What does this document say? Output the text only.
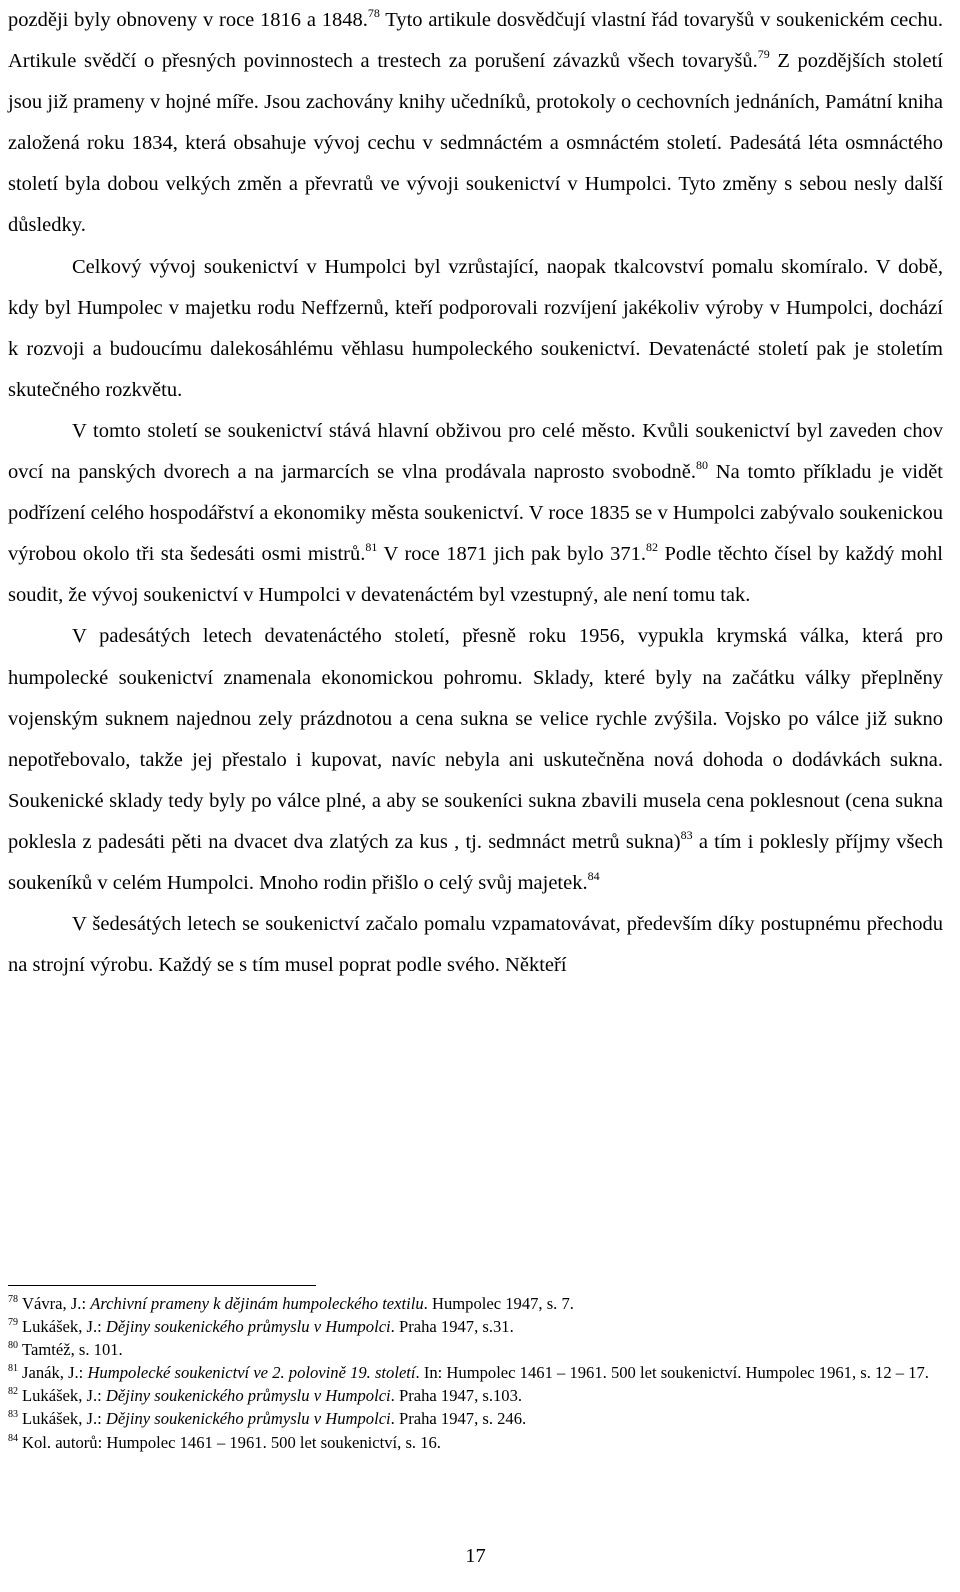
později byly obnoveny v roce 1816 a 1848.78 Tyto artikule dosvědčují vlastní řád tovaryšů v soukenickém cechu. Artikule svědčí o přesných povinnostech a trestech za porušení závazků všech tovaryšů.$^{79}$ Z pozdějších století jsou již prameny v hojné míře. Jsou zachovány knihy učedníků, protokoly o cechovních jednáních, Památní kniha založená roku 1834, která obsahuje vývoj cechu v sedmnáctém a osmnáctém století. Padesátá léta osmnáctého století byla dobou velkých změn a převratů ve vývoji soukenictví v Humpolci. Tyto změny s sebou nesly další důsledky.

Celkový vývoj soukenictví v Humpolci byl vzrůstající, naopak tkalcovství pomalu skomíralo. V době, kdy byl Humpolec v majetku rodu Neffzernů, kteří podporovali rozvíjení jakékoliv výroby v Humpolci, dochází k rozvoji a budoucímu dalekosáhlému věhlasu humpoleckého soukenictví. Devatenácté století pak je stoletím skutečného rozkvětu.

V tomto století se soukenictví stává hlavní obživou pro celé město. Kvůli soukenictví byl zaveden chov ovcí na panských dvorech a na jarmarcích se vlna prodávala naprosto svobodně.$^{80}$ Na tomto příkladu je vidět podřízení celého hospodářství a ekonomiky města soukenictví. V roce 1835 se v Humpolci zabývalo soukenickou výrobou okolo tři sta šedesáti osmi mistrů.$^{81}$ V roce 1871 jich pak bylo 371.82 Podle těchto čísel by každý mohl soudit, že vývoj soukenictví v Humpolci v devatenáctém byl vzestupný, ale není tomu tak.

V padesátých letech devatenáctého století, přesně roku 1956, vypukla krymská válka, která pro humpolecké soukenictví znamenala ekonomickou pohromu. Sklady, které byly na začátku války přeplněny vojenským suknem najednou zely prázdnotou a cena sukna se velice rychle zvýšila. Vojsko po válce již sukno nepotřebovalo, takže jej přestalo i kupovat, navíc nebyla ani uskutečněna nová dohoda o dodávkách sukna. Soukenické sklady tedy byly po válce plné, a aby se soukeníci sukna zbavili musela cena poklesnout (cena sukna poklesla z padesáti pěti na dvacet dva zlatých za kus , tj. sedmnáct metrů sukna)$^{83}$ a tím i poklesly příjmy všech soukeníků v celém Humpolci. Mnoho rodin přišlo o celý svůj majetek.$^{84}$

V šedesátých letech se soukenictví začalo pomalu vzpamatovávat, především díky postupnému přechodu na strojní výrobu. Každý se s tím musel poprat podle svého. Někteří

$^{78}$ Vávra, J.: Archivní prameny k dějinám humpoleckého textilu. Humpolec 1947, s. 7.

$^{79}$ Lukášek, J.: Dějiny soukenického průmyslu v Humpolci. Praha 1947, s.31.

$^{80}$ Tamtéž, s. 101.

$^{81}$ Janák, J.: Humpolecké soukenictví ve 2. polovině 19. století. In: Humpolec 1461 – 1961. 500 let soukenictví. Humpolec 1961, s. 12 – 17.

$^{82}$ Lukášek, J.: Dějiny soukenického průmyslu v Humpolci. Praha 1947, s.103.

$^{83}$ Lukášek, J.: Dějiny soukenického průmyslu v Humpolci. Praha 1947, s. 246.

$^{84}$ Kol. autorů: Humpolec 1461 – 1961. 500 let soukenictví, s. 16.

17
